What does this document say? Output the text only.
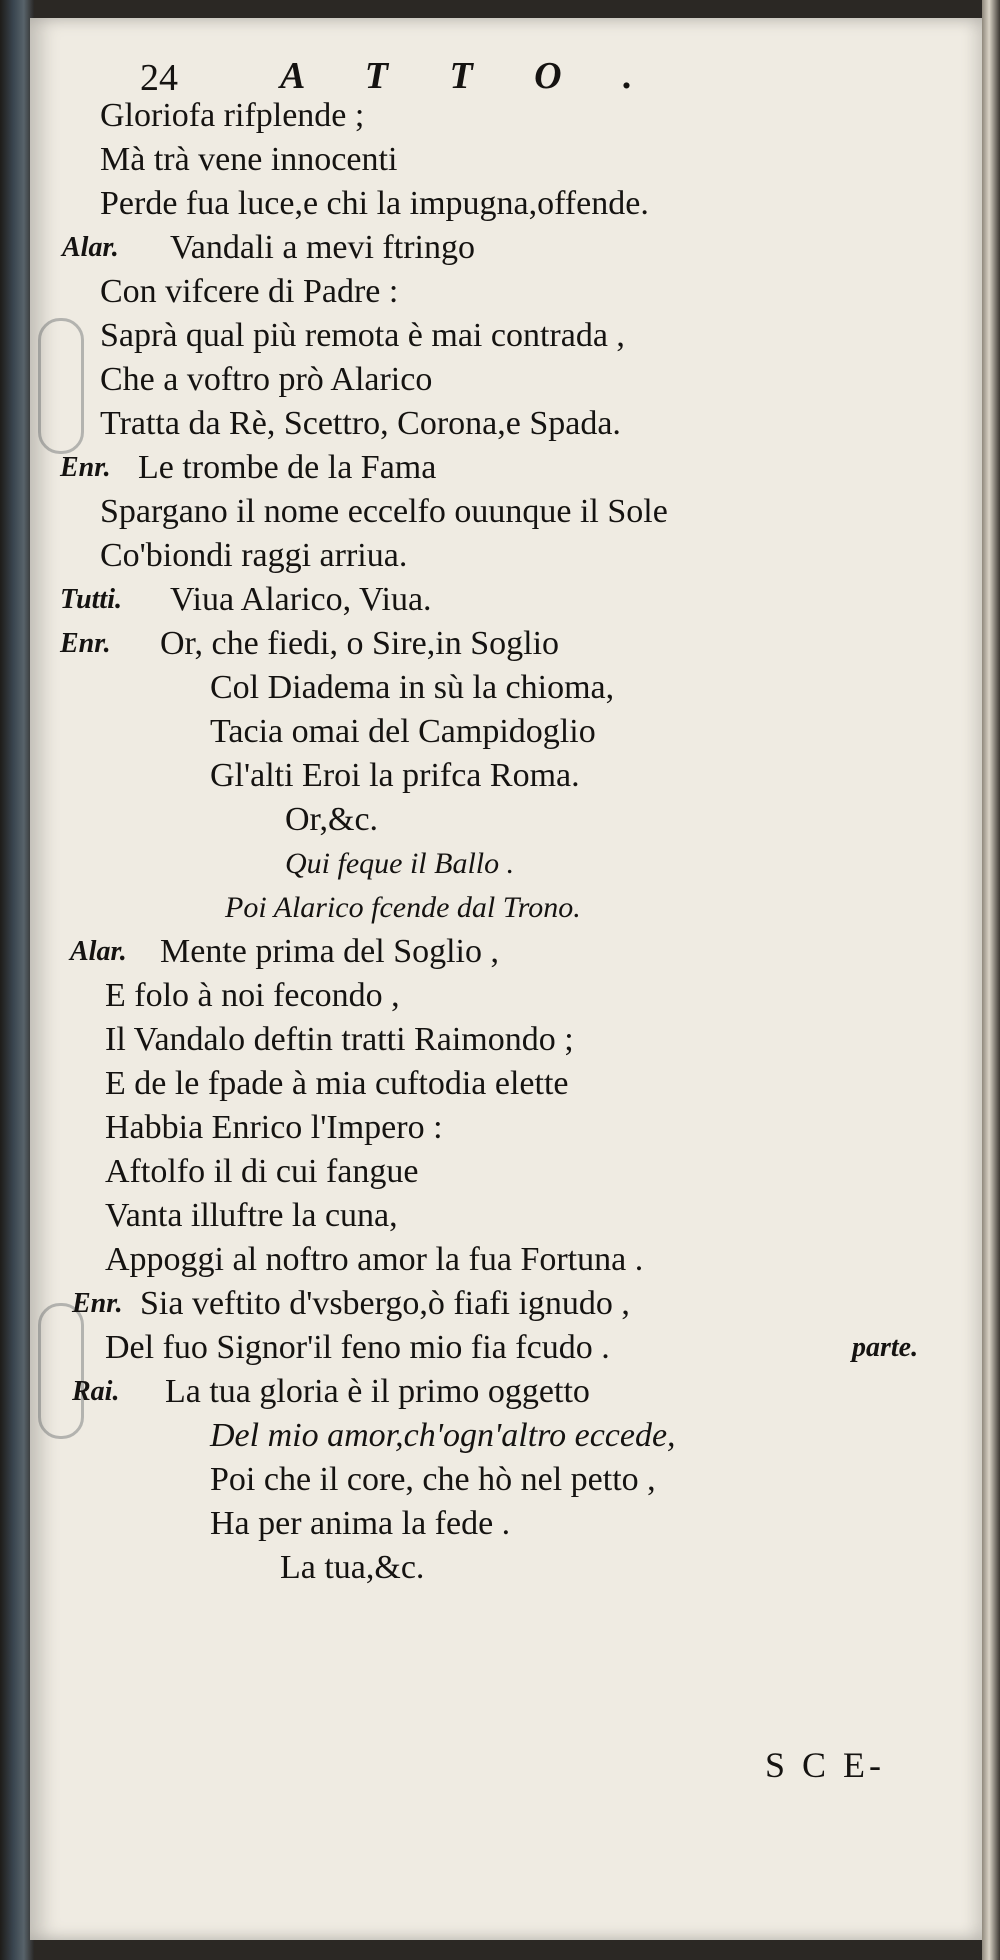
24	A T T O .
Gloriofa rifplende ;
Mà trà vene innocenti
Perde fua luce,e chi la impugna,offende.
Alar. Vandali a mevi ftringo
Con vifcere di Padre :
Saprà qual più remota è mai contrada ,
Che a voftro prò Alarico
Tratta da Rè, Scettro, Corona,e Spada.
Enr. Le trombe de la Fama
Spargano il nome eccelfo ouunque il Sole
Co'biondi raggi arriua.
Tutti. Viua Alarico, Viua.
Enr. Or, che fiedi, o Sire,in Soglio
Col Diadema in sù la chioma,
Tacia omai del Campidoglio
Gl'alti Eroi la prifca Roma.
Or,&c.
Qui feque il Ballo .
Poi Alarico fcende dal Trono.
Alar. Mente prima del Soglio ,
E folo à noi fecondo ,
Il Vandalo deftin tratti Raimondo ;
E de le fpade à mia cuftodia elette
Habbia Enrico l'Impero :
Aftolfo il di cui fangue
Vanta illuftre la cuna,
Appoggi al noftro amor la fua Fortuna .
Enr. Sia veftito d'vsbergo,ò fiafi ignudo ,
Del fuo Signor'il feno mio fia fcudo .	parte.
Rai. La tua gloria è il primo oggetto
Del mio amor,ch'ogn'altro eccede,
Poi che il core, che hò nel petto ,
Ha per anima la fede .
La tua,&c.
S C E-
